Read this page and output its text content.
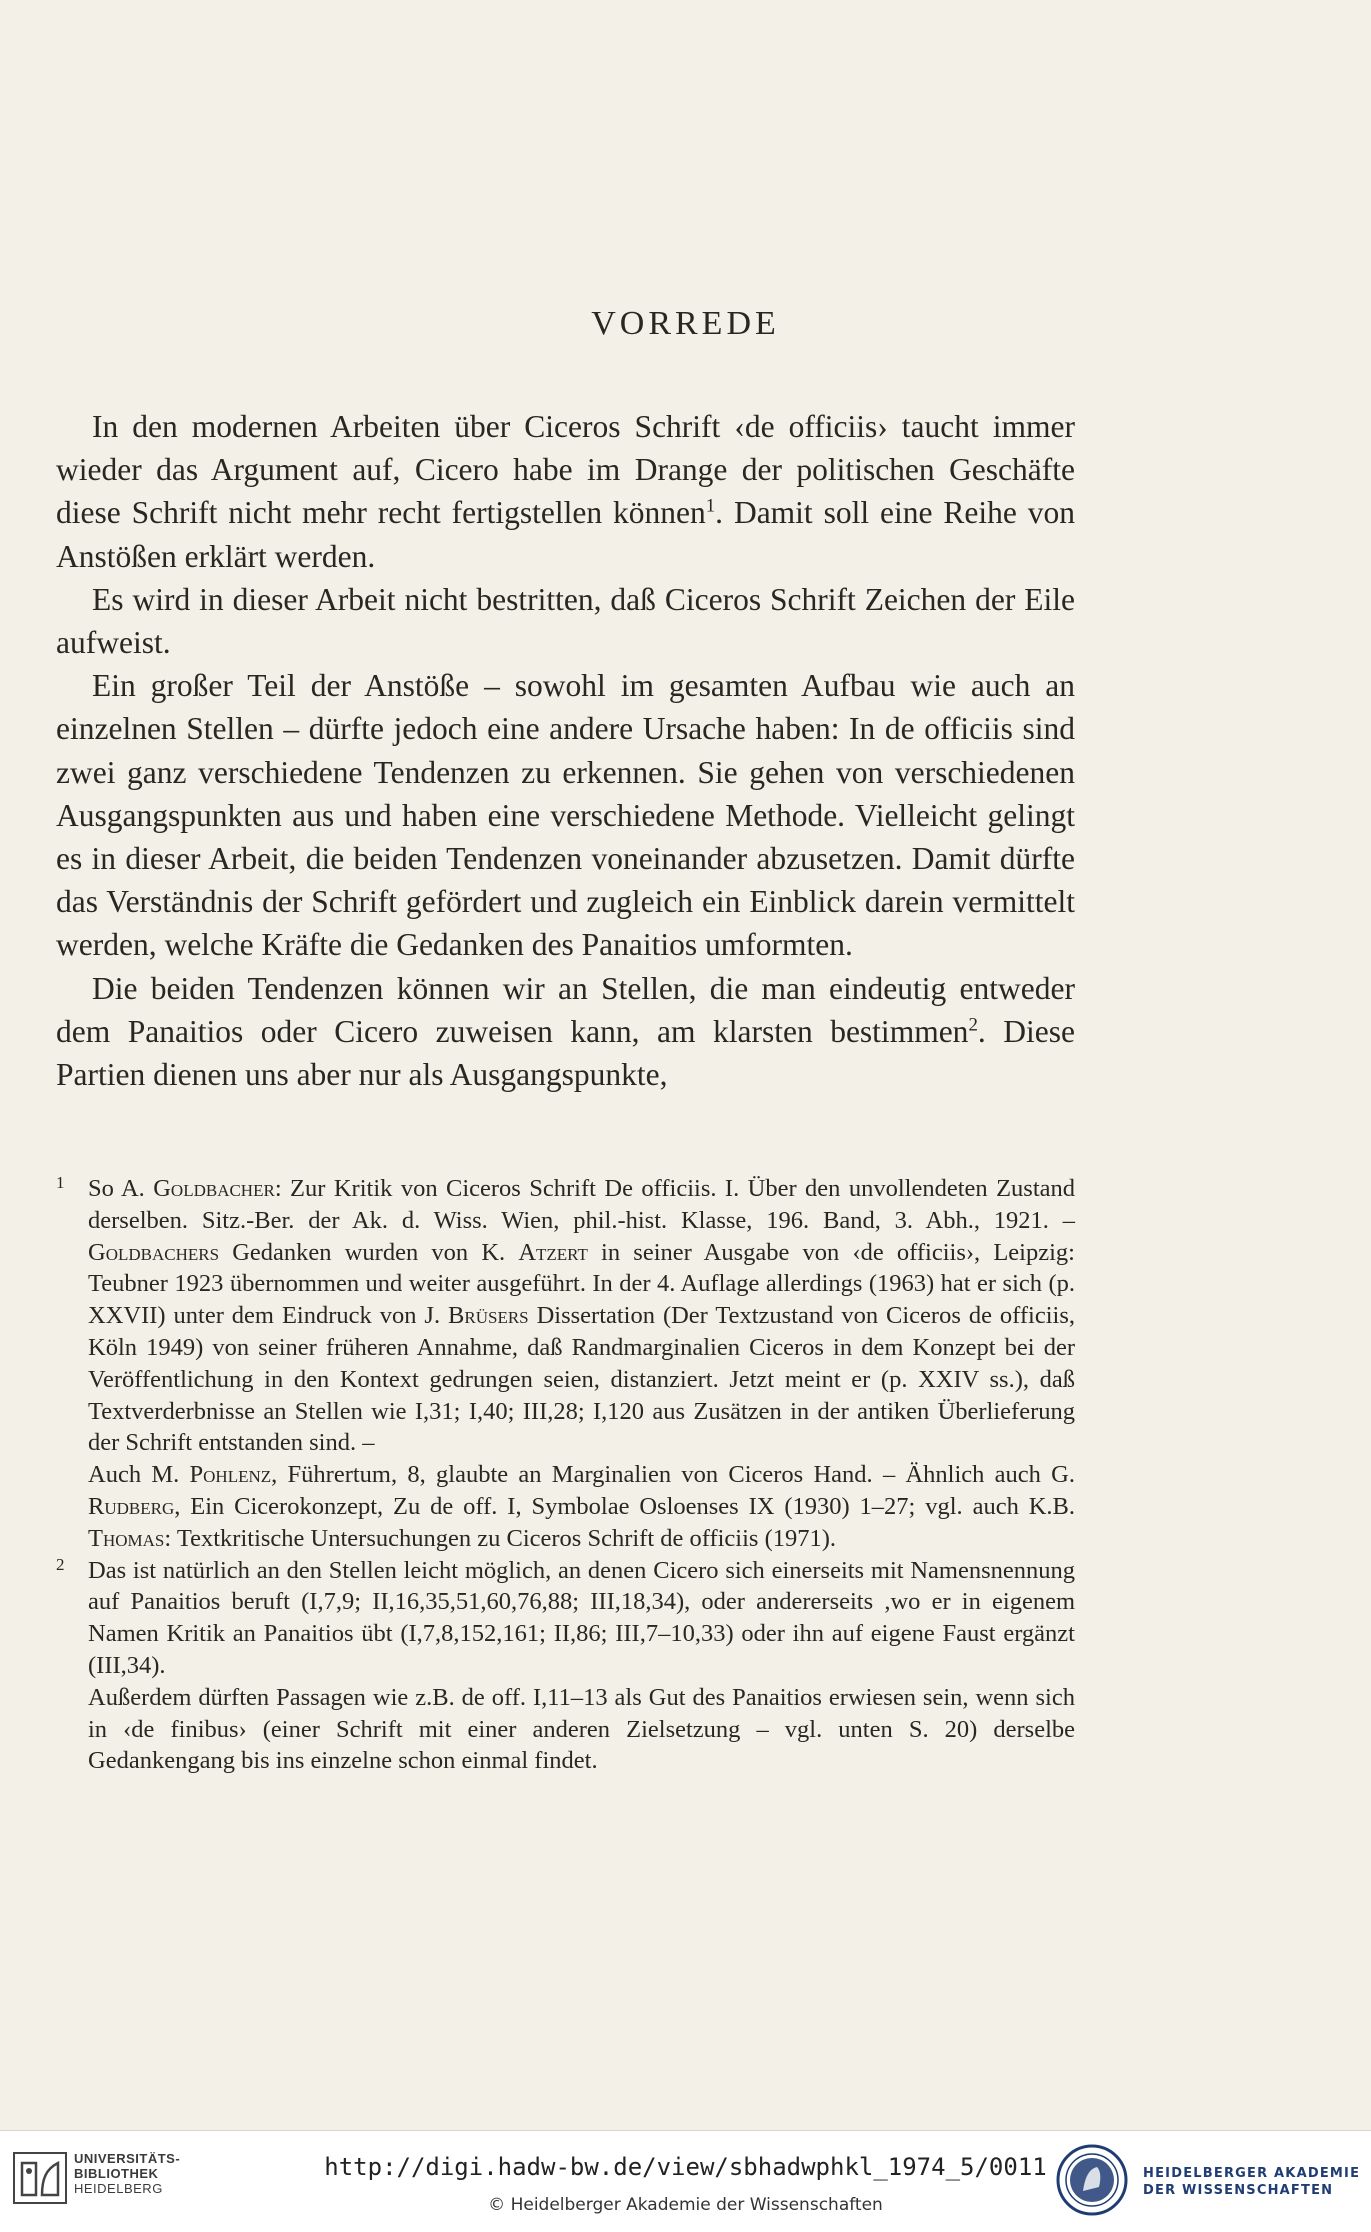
VORREDE

In den modernen Arbeiten über Ciceros Schrift ‹de officiis› taucht immer wieder das Argument auf, Cicero habe im Drange der politischen Geschäfte diese Schrift nicht mehr recht fertigstellen können$^1$. Damit soll eine Reihe von Anstößen erklärt werden.

Es wird in dieser Arbeit nicht bestritten, daß Ciceros Schrift Zeichen der Eile aufweist.

Ein großer Teil der Anstöße – sowohl im gesamten Aufbau wie auch an einzelnen Stellen – dürfte jedoch eine andere Ursache haben: In de officiis sind zwei ganz verschiedene Tendenzen zu erkennen. Sie gehen von verschiedenen Ausgangspunkten aus und haben eine verschiedene Methode. Vielleicht gelingt es in dieser Arbeit, die beiden Tendenzen voneinander abzusetzen. Damit dürfte das Verständnis der Schrift gefördert und zugleich ein Einblick darein vermittelt werden, welche Kräfte die Gedanken des Panaitios umformten.

Die beiden Tendenzen können wir an Stellen, die man eindeutig entweder dem Panaitios oder Cicero zuweisen kann, am klarsten bestimmen$^2$. Diese Partien dienen uns aber nur als Ausgangspunkte,

1 So A. Goldbacher: Zur Kritik von Ciceros Schrift De officiis. I. Über den unvollendeten Zustand derselben. Sitz.-Ber. der Ak. d. Wiss. Wien, phil.-hist. Klasse, 196. Band, 3. Abh., 1921. – Goldbachers Gedanken wurden von K. Atzert in seiner Ausgabe von ‹de officiis›, Leipzig: Teubner 1923 übernommen und weiter ausgeführt. In der 4. Auflage allerdings (1963) hat er sich (p. XXVII) unter dem Eindruck von J. Brüsers Dissertation (Der Textzustand von Ciceros de officiis, Köln 1949) von seiner früheren Annahme, daß Randmarginalien Ciceros in dem Konzept bei der Veröffentlichung in den Kontext gedrungen seien, distanziert. Jetzt meint er (p. XXIV ss.), daß Textverderbnisse an Stellen wie I,31; I,40; III,28; I,120 aus Zusätzen in der antiken Überlieferung der Schrift entstanden sind. –

Auch M. Pohlenz, Führertum, 8, glaubte an Marginalien von Ciceros Hand. – Ähnlich auch G. Rudberg, Ein Cicerokonzept, Zu de off. I, Symbolae Osloenses IX (1930) 1–27; vgl. auch K.B. Thomas: Textkritische Untersuchungen zu Ciceros Schrift de officiis (1971).

2 Das ist natürlich an den Stellen leicht möglich, an denen Cicero sich einerseits mit Namensnennung auf Panaitios beruft (I,7,9; II,16,35,51,60,76,88; III,18,34), oder andererseits ,wo er in eigenem Namen Kritik an Panaitios übt (I,7,8,152,161; II,86; III,7–10,33) oder ihn auf eigene Faust ergänzt (III,34).

Außerdem dürften Passagen wie z.B. de off. I,11–13 als Gut des Panaitios erwiesen sein, wenn sich in ‹de finibus› (einer Schrift mit einer anderen Zielsetzung – vgl. unten S. 20) derselbe Gedankengang bis ins einzelne schon einmal findet.

UNIVERSITÄTS-
BIBLIOTHEK
HEIDELBERG
http://digi.hadw-bw.de/view/sbhadwphkl_1974_5/0011
© Heidelberger Akademie der Wissenschaften
HEIDELBERGER AKADEMIE
DER WISSENSCHAFTEN
